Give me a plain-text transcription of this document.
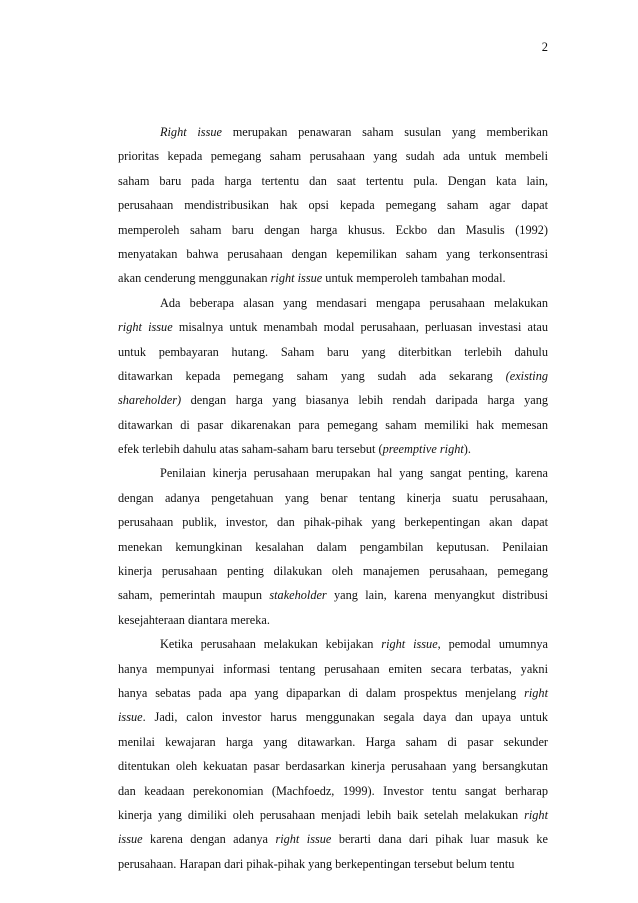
2
Right issue merupakan penawaran saham susulan yang memberikan
prioritas kepada pemegang saham perusahaan yang sudah ada untuk membeli
saham baru pada harga tertentu dan saat tertentu pula. Dengan kata lain,
perusahaan mendistribusikan hak opsi kepada pemegang saham agar dapat
memperoleh saham baru dengan harga khusus. Eckbo dan Masulis (1992)
menyatakan bahwa perusahaan dengan kepemilikan saham yang terkonsentrasi
akan cenderung menggunakan right issue untuk memperoleh tambahan modal.
Ada beberapa alasan yang mendasari mengapa perusahaan melakukan
right issue misalnya untuk menambah modal perusahaan, perluasan investasi atau
untuk pembayaran hutang. Saham baru yang diterbitkan terlebih dahulu
ditawarkan kepada pemegang saham yang sudah ada sekarang (existing
shareholder) dengan harga yang biasanya lebih rendah daripada harga yang
ditawarkan di pasar dikarenakan para pemegang saham memiliki hak memesan
efek terlebih dahulu atas saham-saham baru tersebut (preemptive right).
Penilaian kinerja perusahaan merupakan hal yang sangat penting, karena
dengan adanya pengetahuan yang benar tentang kinerja suatu perusahaan,
perusahaan publik, investor, dan pihak-pihak yang berkepentingan akan dapat
menekan kemungkinan kesalahan dalam pengambilan keputusan. Penilaian
kinerja perusahaan penting dilakukan oleh manajemen perusahaan, pemegang
saham, pemerintah maupun stakeholder yang lain, karena menyangkut distribusi
kesejahteraan diantara mereka.
Ketika perusahaan melakukan kebijakan right issue, pemodal umumnya
hanya mempunyai informasi tentang perusahaan emiten secara terbatas, yakni
hanya sebatas pada apa yang dipaparkan di dalam prospektus menjelang right
issue. Jadi, calon investor harus menggunakan segala daya dan upaya untuk
menilai kewajaran harga yang ditawarkan. Harga saham di pasar sekunder
ditentukan oleh kekuatan pasar berdasarkan kinerja perusahaan yang bersangkutan
dan keadaan perekonomian (Machfoedz, 1999). Investor tentu sangat berharap
kinerja yang dimiliki oleh perusahaan menjadi lebih baik setelah melakukan right
issue karena dengan adanya right issue berarti dana dari pihak luar masuk ke
perusahaan. Harapan dari pihak-pihak yang berkepentingan tersebut belum tentu
